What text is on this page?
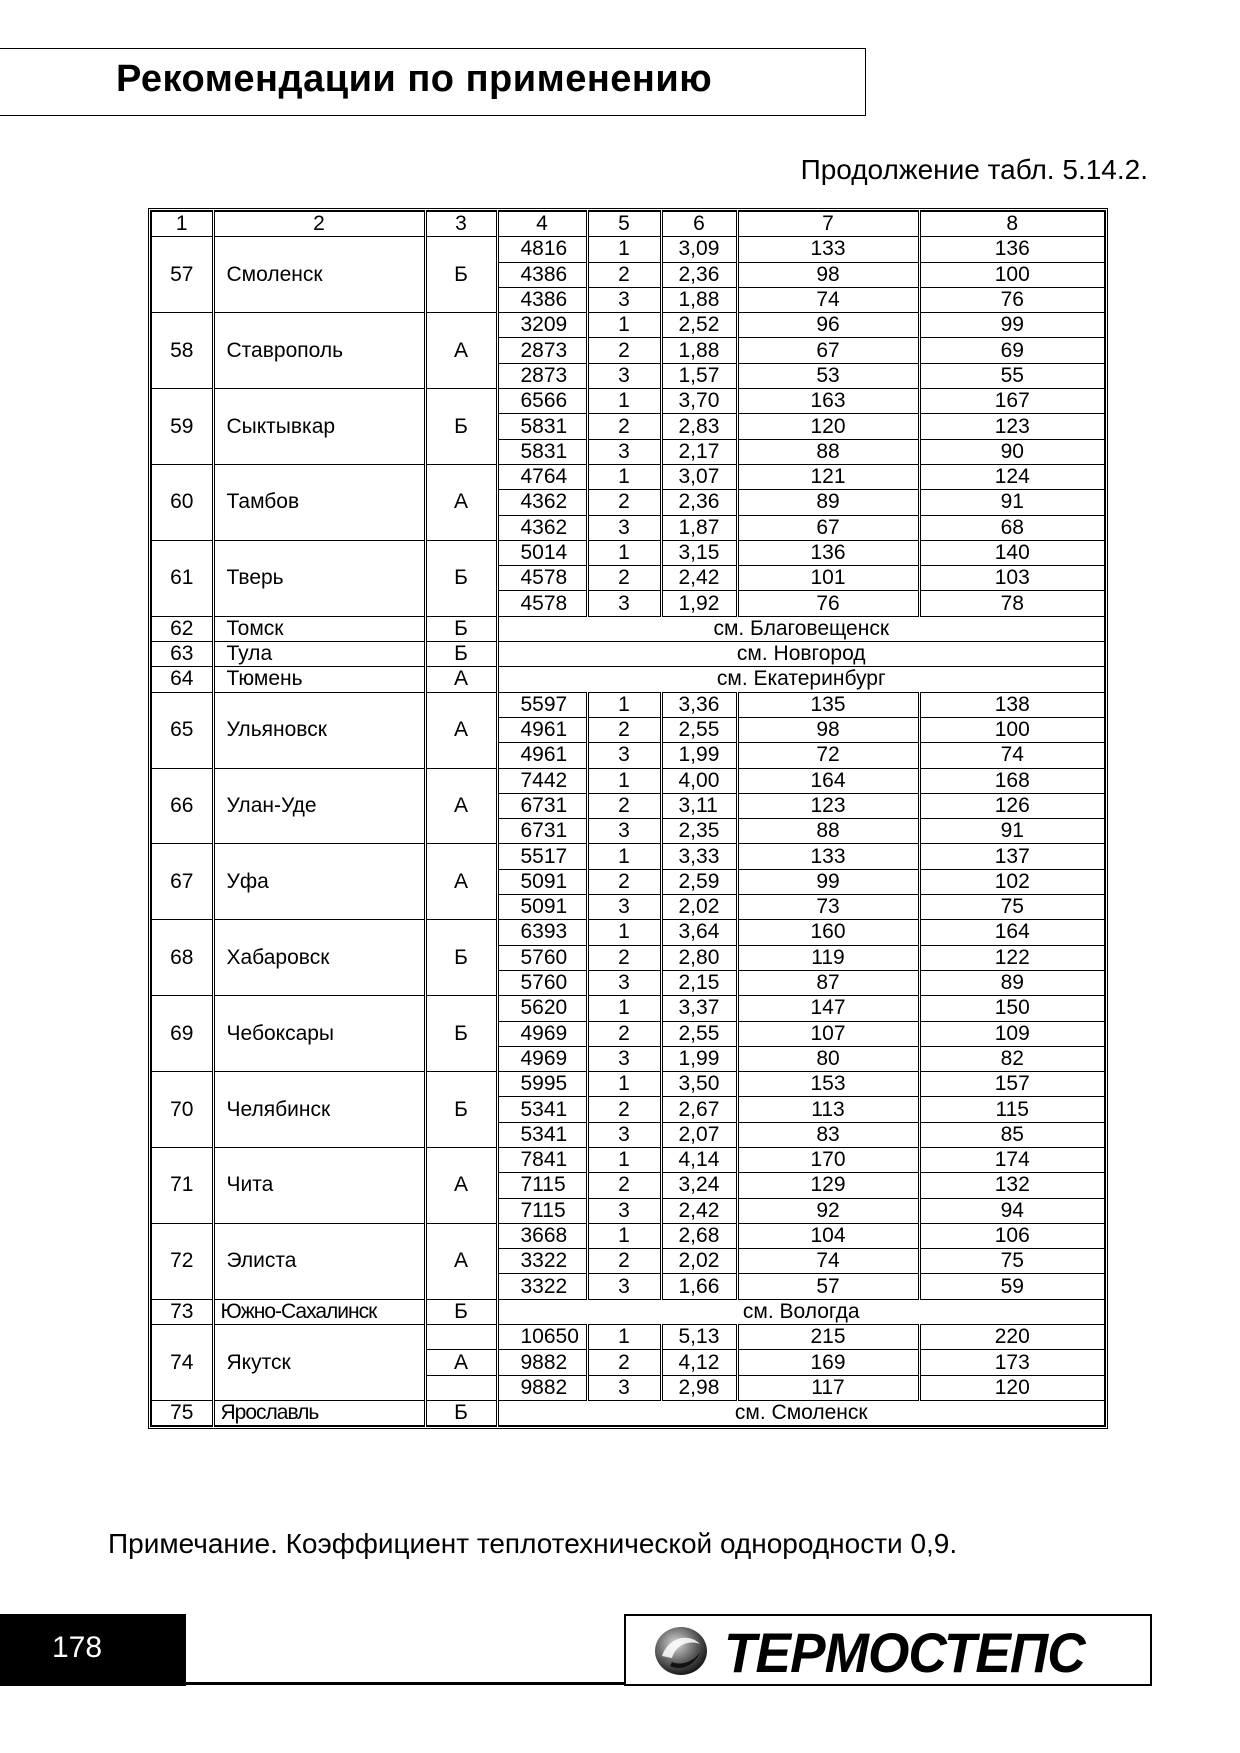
Рекомендации по применению
Продолжение табл. 5.14.2.
1	2	3	4	5	6	7	8
57	Смоленск	Б	4816	1	3,09	133	136
			4386	2	2,36	98	100
			4386	3	1,88	74	76
58	Ставрополь	А	3209	1	2,52	96	99
			2873	2	1,88	67	69
			2873	3	1,57	53	55
59	Сыктывкар	Б	6566	1	3,70	163	167
			5831	2	2,83	120	123
			5831	3	2,17	88	90
60	Тамбов	А	4764	1	3,07	121	124
			4362	2	2,36	89	91
			4362	3	1,87	67	68
61	Тверь	Б	5014	1	3,15	136	140
			4578	2	2,42	101	103
			4578	3	1,92	76	78
62	Томск	Б	см. Благовещенск				
63	Тула	Б	см. Новгород				
64	Тюмень	А	см. Екатеринбург				
65	Ульяновск	А	5597	1	3,36	135	138
			4961	2	2,55	98	100
			4961	3	1,99	72	74
66	Улан-Уде	А	7442	1	4,00	164	168
			6731	2	3,11	123	126
			6731	3	2,35	88	91
67	Уфа	А	5517	1	3,33	133	137
			5091	2	2,59	99	102
			5091	3	2,02	73	75
68	Хабаровск	Б	6393	1	3,64	160	164
			5760	2	2,80	119	122
			5760	3	2,15	87	89
69	Чебоксары	Б	5620	1	3,37	147	150
			4969	2	2,55	107	109
			4969	3	1,99	80	82
70	Челябинск	Б	5995	1	3,50	153	157
			5341	2	2,67	113	115
			5341	3	2,07	83	85
71	Чита	А	7841	1	4,14	170	174
			7115	2	3,24	129	132
			7115	3	2,42	92	94
72	Элиста	А	3668	1	2,68	104	106
			3322	2	2,02	74	75
			3322	3	1,66	57	59
73	Южно-Сахалинск	Б	см. Вологда				
74	Якутск		10650	1	5,13	215	220
		А	9882	2	4,12	169	173
			9882	3	2,98	117	120
75	Ярославль	Б	см. Смоленск				
Примечание. Коэффициент теплотехнической однородности 0,9.
178	ТЕРМОСТЕПС
